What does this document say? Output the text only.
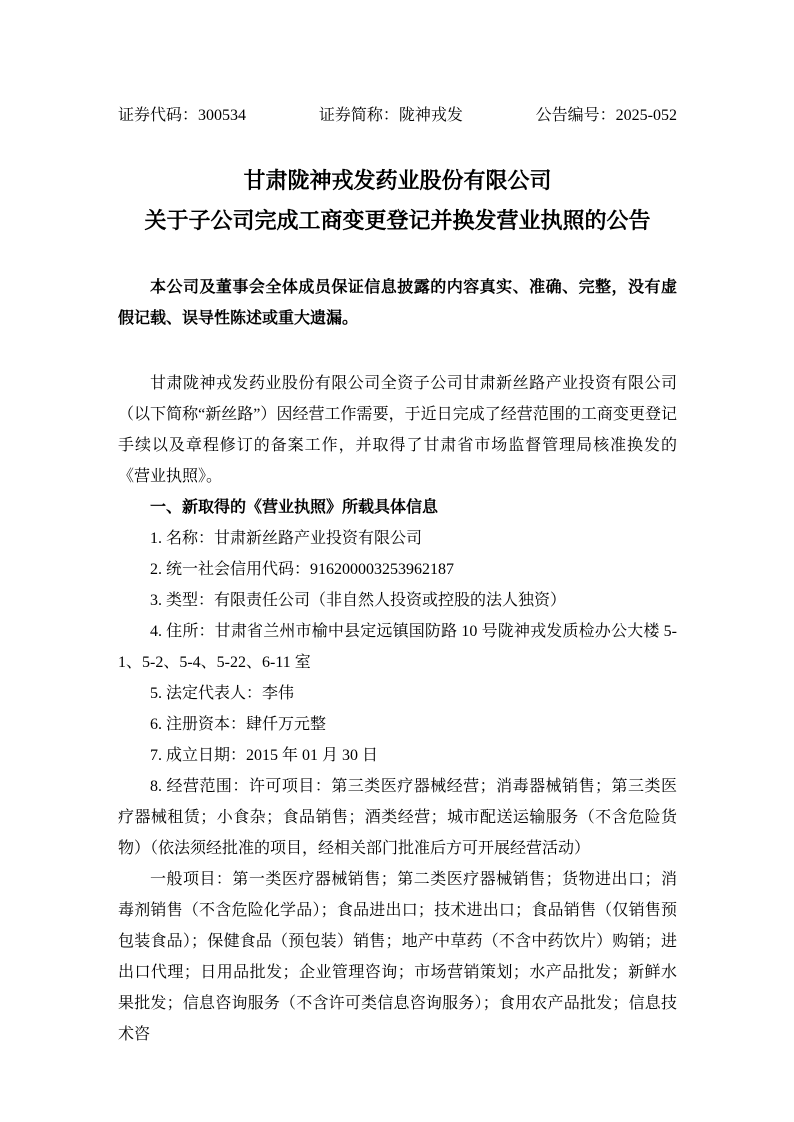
证券代码：300534	证券简称：陇神戎发	公告编号：2025-052
甘肃陇神戎发药业股份有限公司
关于子公司完成工商变更登记并换发营业执照的公告

本公司及董事会全体成员保证信息披露的内容真实、准确、完整，没有虚假记载、误导性陈述或重大遗漏。

甘肃陇神戎发药业股份有限公司全资子公司甘肃新丝路产业投资有限公司（以下简称“新丝路”）因经营工作需要，于近日完成了经营范围的工商变更登记手续以及章程修订的备案工作，并取得了甘肃省市场监督管理局核准换发的《营业执照》。

一、新取得的《营业执照》所载具体信息

1. 名称：甘肃新丝路产业投资有限公司

2. 统一社会信用代码：916200003253962187

3. 类型：有限责任公司（非自然人投资或控股的法人独资）

4. 住所：甘肃省兰州市榆中县定远镇国防路 10 号陇神戎发质检办公大楼 5-1、5-2、5-4、5-22、6-11 室

5. 法定代表人：李伟

6. 注册资本：肆仟万元整

7. 成立日期：2015 年 01 月 30 日

8. 经营范围：许可项目：第三类医疗器械经营；消毒器械销售；第三类医疗器械租赁；小食杂；食品销售；酒类经营；城市配送运输服务（不含危险货物）（依法须经批准的项目，经相关部门批准后方可开展经营活动）

一般项目：第一类医疗器械销售；第二类医疗器械销售；货物进出口；消毒剂销售（不含危险化学品）；食品进出口；技术进出口；食品销售（仅销售预包装食品）；保健食品（预包装）销售；地产中草药（不含中药饮片）购销；进出口代理；日用品批发；企业管理咨询；市场营销策划；水产品批发；新鲜水果批发；信息咨询服务（不含许可类信息咨询服务）；食用农产品批发；信息技术咨
